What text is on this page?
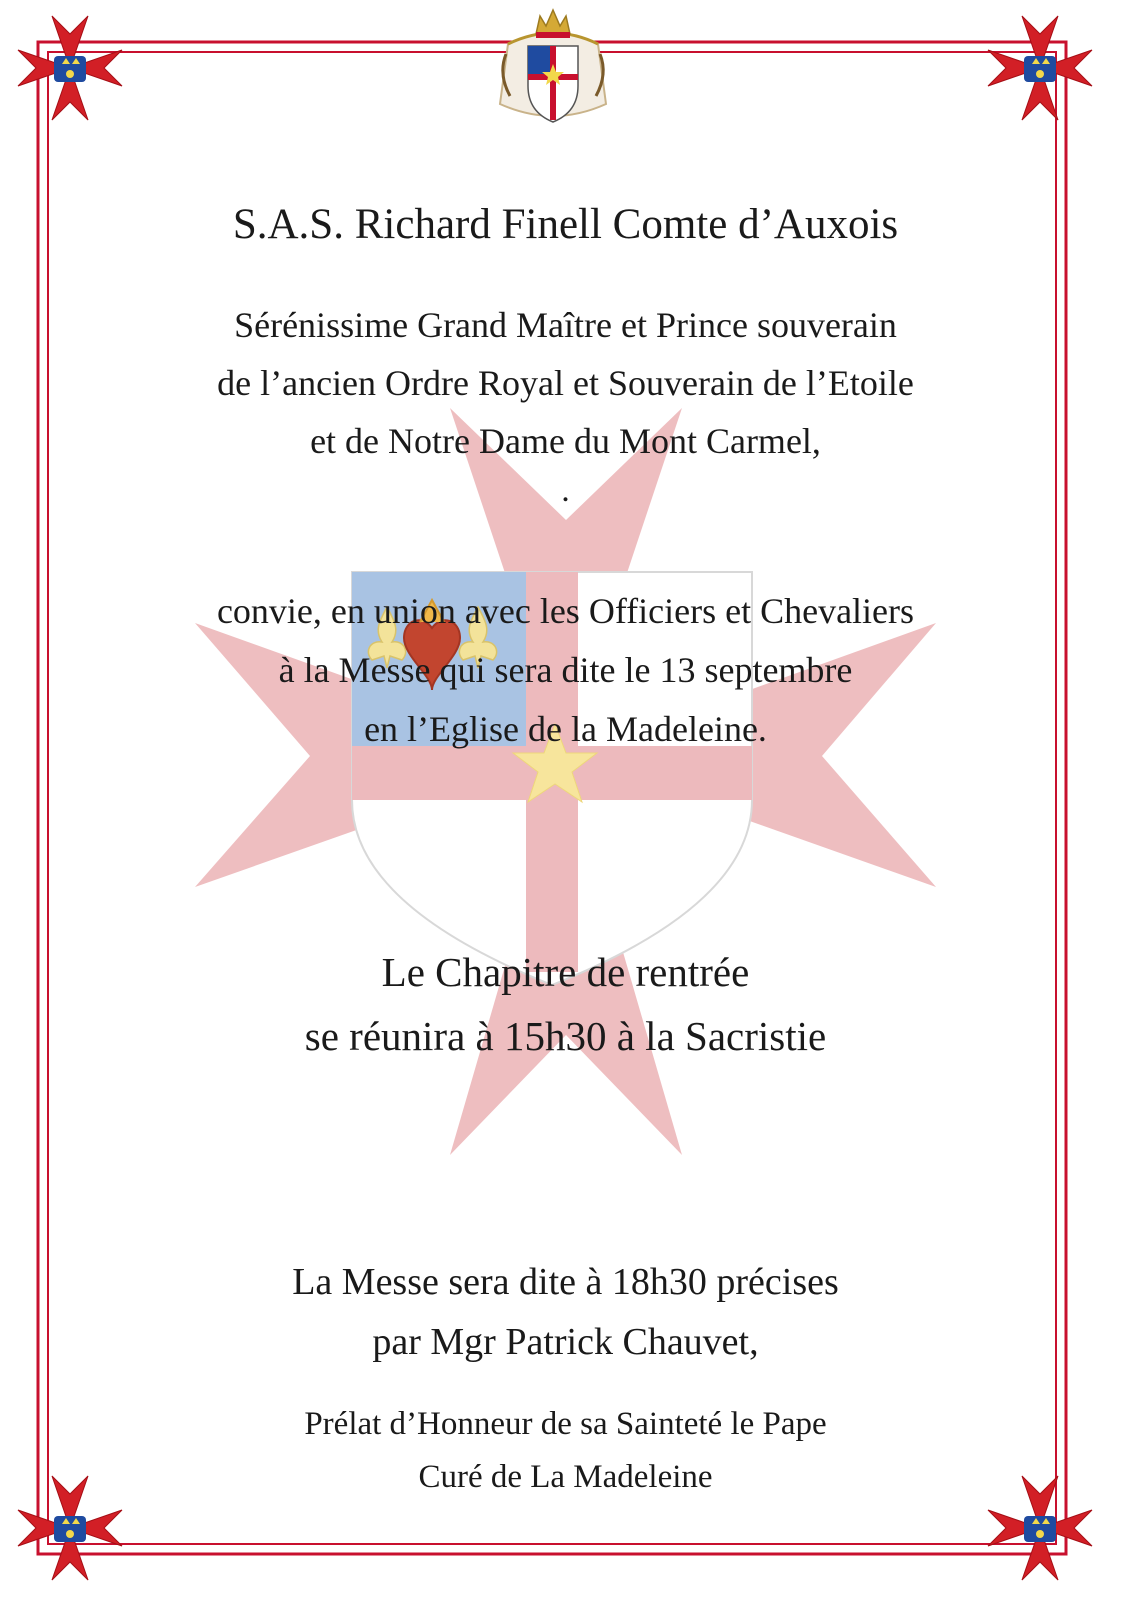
S.A.S. Richard Finell Comte d’Auxois

Sérénissime Grand Maître et Prince souverain
de l’ancien Ordre Royal et Souverain de l’Etoile
et de Notre Dame du Mont Carmel,

.

convie, en union avec les Officiers et Chevaliers
à la Messe qui sera dite le 13 septembre
en l’Eglise de la Madeleine.

Le Chapitre de rentrée
se réunira à 15h30 à la Sacristie

La Messe sera dite à 18h30 précises
par Mgr Patrick Chauvet,

Prélat d’Honneur de sa Sainteté le Pape
Curé de La Madeleine
